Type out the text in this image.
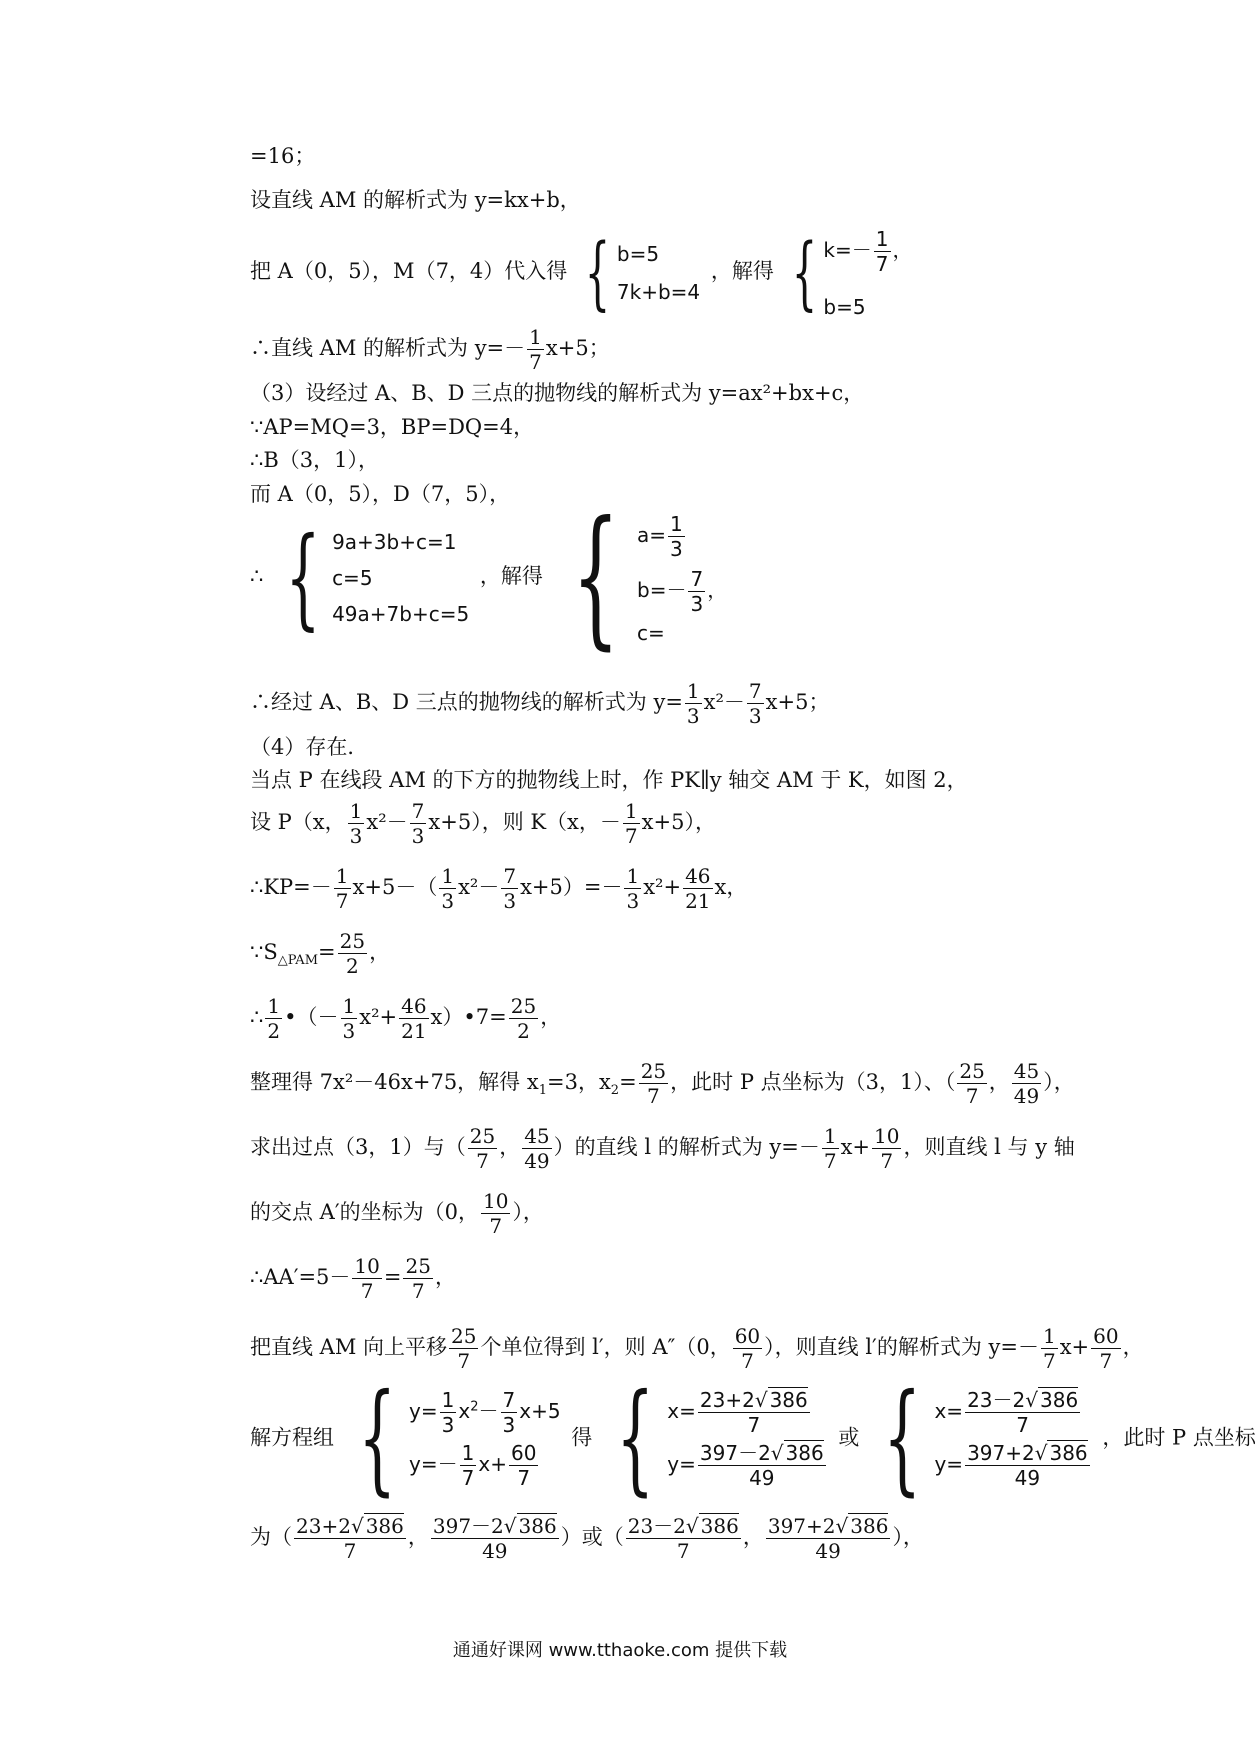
=16；
设直线 AM 的解析式为 y=kx+b，
把 A（0，5），M（7，4）代入得 { b=5
7k+b=4
，解得 { $k=- \frac{1}{7}$ ，
b=5
∴直线 AM 的解析式为 $y=- \frac{1}{7} x+5$；
（3）设经过 A、B、D 三点的抛物线的解析式为 y=ax²+bx+c，
∵AP=MQ=3，BP=DQ=4，
∴B（3，1），
而 A（0，5），D（7，5），
∴ { 9a+3b+c=1
c=5
49a+7b+c=5
，解得 { $a= \frac{1}{3}$
$b=- \frac{7}{3}$ ，
c=
∴经过 A、B、D 三点的抛物线的解析式为 $y= \frac{1}{3} x^2- \frac{7}{3} x+5$；
（4）存在．
当点 P 在线段 AM 的下方的抛物线上时，作 PK∥y 轴交 AM 于 K，如图 2，
设 P（x， $\frac{1}{3} x^2- \frac{7}{3} x+5$），则 K（x，－ $\frac{1}{7} x+5$），
∴KP=－ $\frac{1}{7} x+5-( \frac{1}{3} x^2- \frac{7}{3} x+5)=- \frac{1}{3} x^2+ \frac{46}{21}$ x，
$\because S_{\triangle PAM}= \frac{25}{2}$ ，
∴ $\frac{1}{2}$ •（－ $\frac{1}{3} x^2+ \frac{46}{21}$ x）•7= $\frac{25}{2}$ ，
整理得 7x²－46x+75，解得 $x_1=3$，$x_2= \frac{25}{7}$ ，此时 P 点坐标为（3，1）、（ $\frac{25}{7}$ ， $\frac{45}{49}$ ），
求出过点（3，1）与（ $\frac{25}{7}$ ， $\frac{45}{49}$ ）的直线 l 的解析式为 $y=- \frac{1}{7} x+ \frac{10}{7}$ ，则直线 l 与 y 轴
的交点 A′的坐标为（0， $\frac{10}{7}$ ），
∴AA′=5－ $\frac{10}{7} = \frac{25}{7}$ ，
把直线 AM 向上平移 $\frac{25}{7}$ 个单位得到 l′，则 A″（0， $\frac{60}{7}$ ），则直线 l′的解析式为 $y=- \frac{1}{7} x+ \frac{60}{7}$ ，
解方程组 { $y= \frac{1}{3} x^2- \frac{7}{3} x+5$
$y=- \frac{1}{7} x+ \frac{60}{7}$
得 { $x= \frac{23+2√ 386}{7}$
$y= \frac{397-2√ 386}{49}$
或 { $x= \frac{23-2√ 386}{7}$
$y= \frac{397+2√ 386}{49}$
，此时 P 点坐标
为（ $\frac{23+2√ 386}{7}$ ， $\frac{397-2√ 386}{49}$ ）或（ $\frac{23-2√ 386}{7}$ ， $\frac{397+2√ 386}{49}$ ），
通通好课网 www.tthaoke.com 提供下载
